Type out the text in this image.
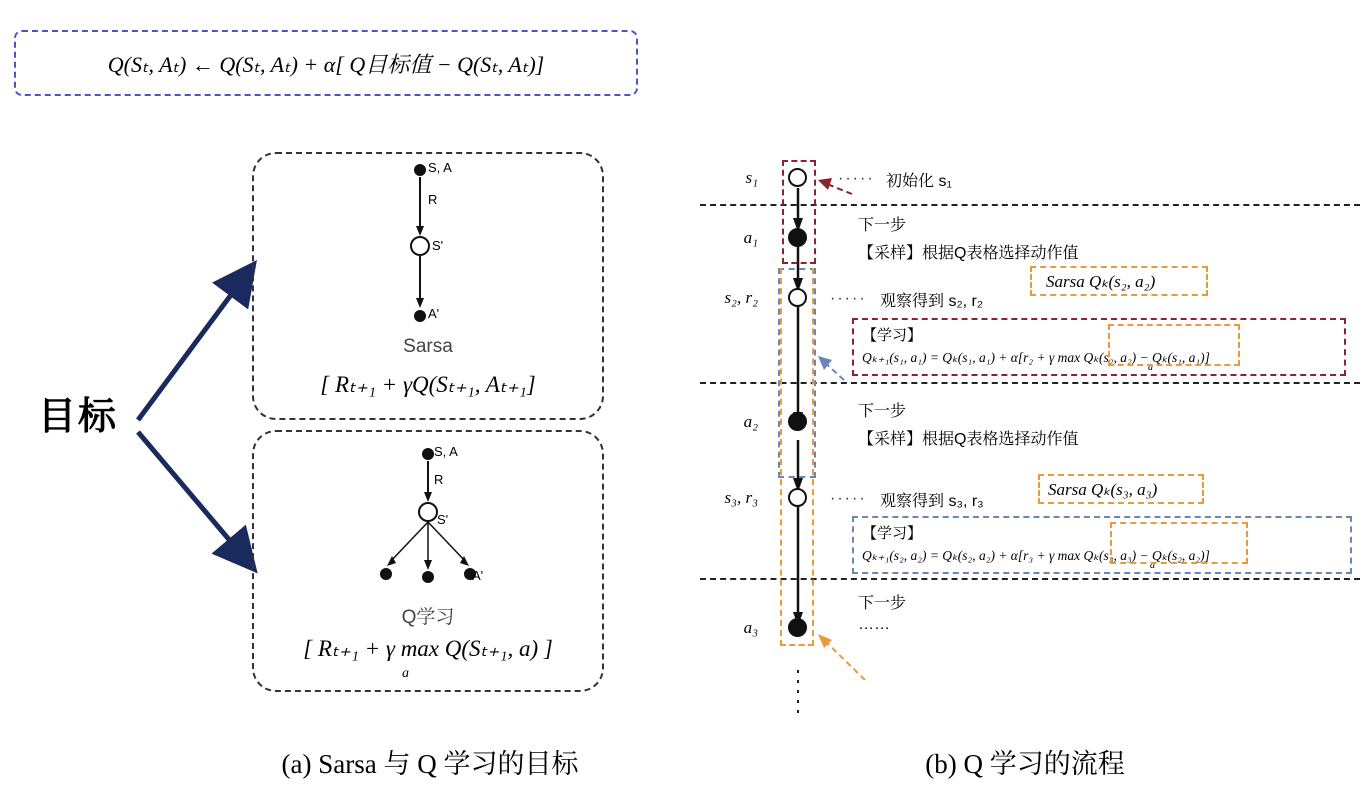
Q(Sₜ, Aₜ) ← Q(Sₜ, Aₜ) + α[ Q目标值 − Q(Sₜ, Aₜ)]
目标
S, A
R
S'
A'
Sarsa
[ Rₜ₊₁ + γQ(Sₜ₊₁, Aₜ₊₁]
S, A
R
S'
A'
Q学习
[ Rₜ₊₁ + γ max Q(Sₜ₊₁, a) ]
a
s₁
a₁
s₂, r₂
a₂
s₃, r₃
a₃
····· 初始化 s₁
下一步
【采样】根据Q表格选择动作值
Sarsa Qₖ(s₂, a₂)
····· 观察得到 s₂, r₂
【学习】
Qₖ₊₁(s₁, a₁) = Qₖ(s₁, a₁) + α[r₂ + γ max Qₖ(s₂, a₂) − Qₖ(s₁, a₁)]
a
下一步
【采样】根据Q表格选择动作值
Sarsa Qₖ(s₃, a₃)
····· 观察得到 s₃, r₃
【学习】
Qₖ₊₁(s₂, a₂) = Qₖ(s₂, a₂) + α[r₃ + γ max Qₖ(s₃, a₃) − Qₖ(s₂, a₂)]
a
下一步
……
(a) Sarsa 与 Q 学习的目标	(b) Q 学习的流程
